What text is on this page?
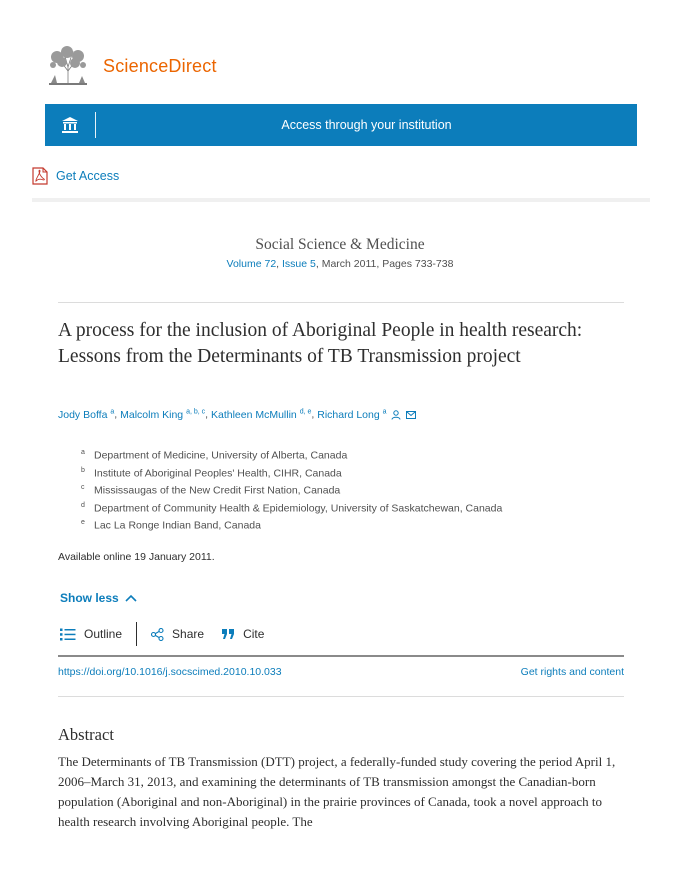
ScienceDirect
Access through your institution
Get Access
Social Science & Medicine
Volume 72, Issue 5, March 2011, Pages 733-738
A process for the inclusion of Aboriginal People in health research: Lessons from the Determinants of TB Transmission project
Jody Boffa $^a$, Malcolm King $^{a, b, c}$, Kathleen McMullin $^{d, e}$, Richard Long $^a$
$^a$ Department of Medicine, University of Alberta, Canada
$^b$ Institute of Aboriginal Peoples' Health, CIHR, Canada
$^c$ Mississaugas of the New Credit First Nation, Canada
$^d$ Department of Community Health & Epidemiology, University of Saskatchewan, Canada
$^e$ Lac La Ronge Indian Band, Canada
Available online 19 January 2011.
Show less
Outline	Share	Cite
https://doi.org/10.1016/j.socscimed.2010.10.033	Get rights and content
Abstract
The Determinants of TB Transmission (DTT) project, a federally-funded study covering the period April 1, 2006–March 31, 2013, and examining the determinants of TB transmission amongst the Canadian-born population (Aboriginal and non-Aboriginal) in the prairie provinces of Canada, took a novel approach to health research involving Aboriginal people. The
